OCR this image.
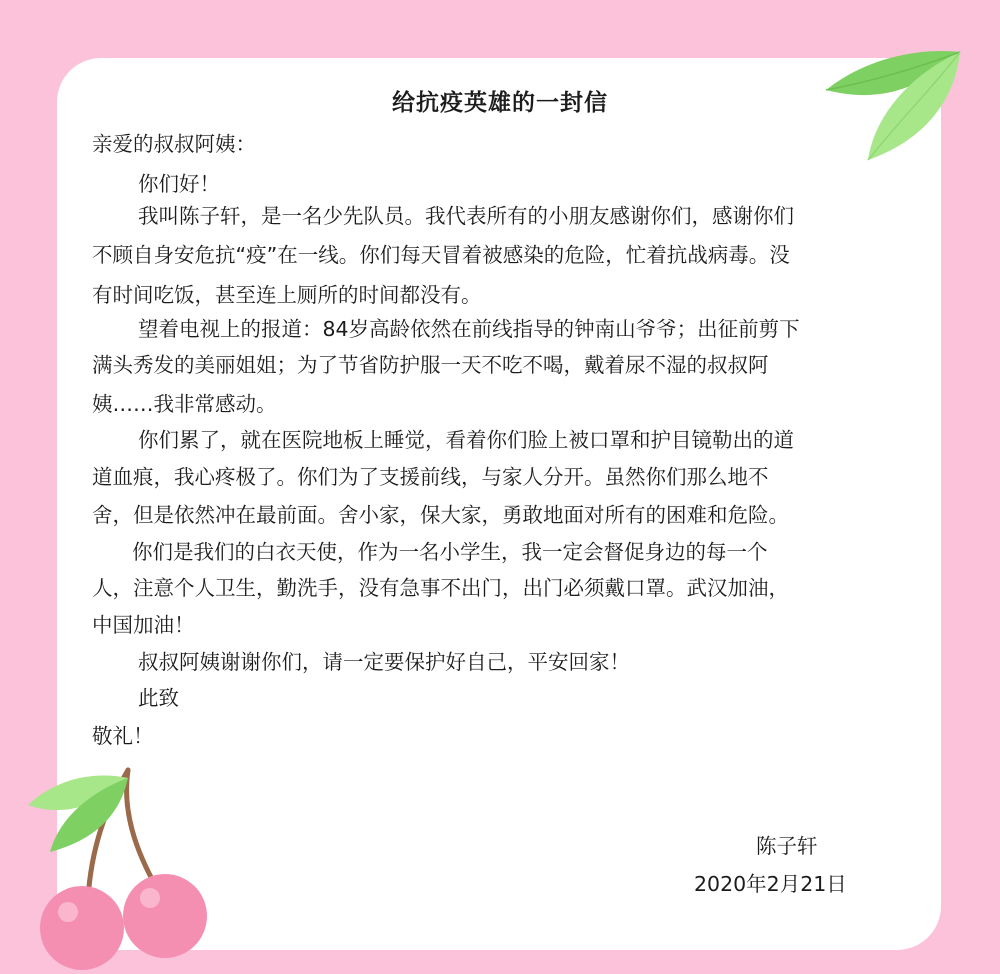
给抗疫英雄的一封信
亲爱的叔叔阿姨：
你们好！
我叫陈子轩，是一名少先队员。我代表所有的小朋友感谢你们，感谢你们
不顾自身安危抗“疫”在一线。你们每天冒着被感染的危险，忙着抗战病毒。没
有时间吃饭，甚至连上厕所的时间都没有。
望着电视上的报道：84岁高龄依然在前线指导的钟南山爷爷；出征前剪下
满头秀发的美丽姐姐；为了节省防护服一天不吃不喝，戴着尿不湿的叔叔阿
姨……我非常感动。
你们累了，就在医院地板上睡觉，看着你们脸上被口罩和护目镜勒出的道
道血痕，我心疼极了。你们为了支援前线，与家人分开。虽然你们那么地不
舍，但是依然冲在最前面。舍小家，保大家，勇敢地面对所有的困难和危险。
你们是我们的白衣天使，作为一名小学生，我一定会督促身边的每一个
人，注意个人卫生，勤洗手，没有急事不出门，出门必须戴口罩。武汉加油，
中国加油！
叔叔阿姨谢谢你们，请一定要保护好自己，平安回家！
此致
敬礼！
陈子轩
2020年2月21日
